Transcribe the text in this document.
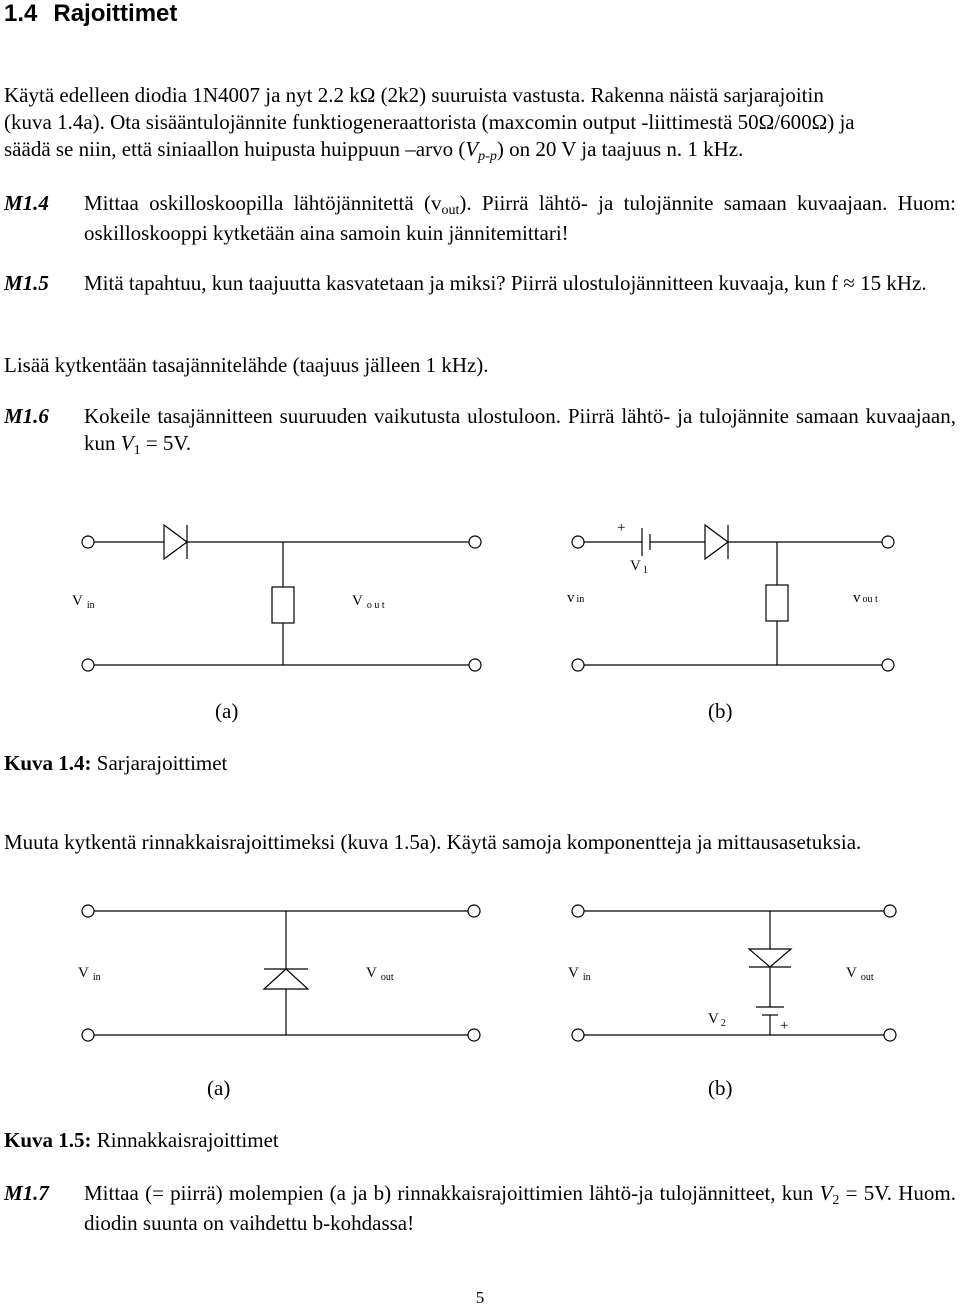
1.4 Rajoittimet
Käytä edelleen diodia 1N4007 ja nyt 2.2 kΩ (2k2) suuruista vastusta. Rakenna näistä sarjarajoitin
(kuva 1.4a). Ota sisääntulojännite funktiogeneraattorista (maxcomin output -liittimestä 50Ω/600Ω) ja
säädä se niin, että siniaallon huipusta huippuun –arvo (Vp-p) on 20 V ja taajuus n. 1 kHz.
M1.4 Mittaa oskilloskoopilla lähtöjännitettä (vout). Piirrä lähtö- ja tulojännite samaan kuvaajaan. Huom: oskilloskooppi kytketään aina samoin kuin jännitemittari!
M1.5 Mitä tapahtuu, kun taajuutta kasvatetaan ja miksi? Piirrä ulostulojännitteen kuvaaja, kun f ≈ 15 kHz.
Lisää kytkentään tasajännitelähde (taajuus jälleen 1 kHz).
M1.6 Kokeile tasajännitteen suuruuden vaikutusta ulostuloon. Piirrä lähtö- ja tulojännite samaan kuvaajaan, kun V1 = 5V.
V $_{in}$	V $_{o u t}$
(a)
+
V $_1$
vin	vou t
(b)
Kuva 1.4: Sarjarajoittimet
Muuta kytkentä rinnakkaisrajoittimeksi (kuva 1.5a). Käytä samoja komponentteja ja mittausasetuksia.
V $_{in}$	V $_{out}$
(a)
V $_{in}$	V $_{out}$
V $_2$	+
(b)
Kuva 1.5: Rinnakkaisrajoittimet
M1.7 Mittaa (= piirrä) molempien (a ja b) rinnakkaisrajoittimien lähtö-ja tulojännitteet, kun V2 = 5V. Huom. diodin suunta on vaihdettu b-kohdassa!
5
